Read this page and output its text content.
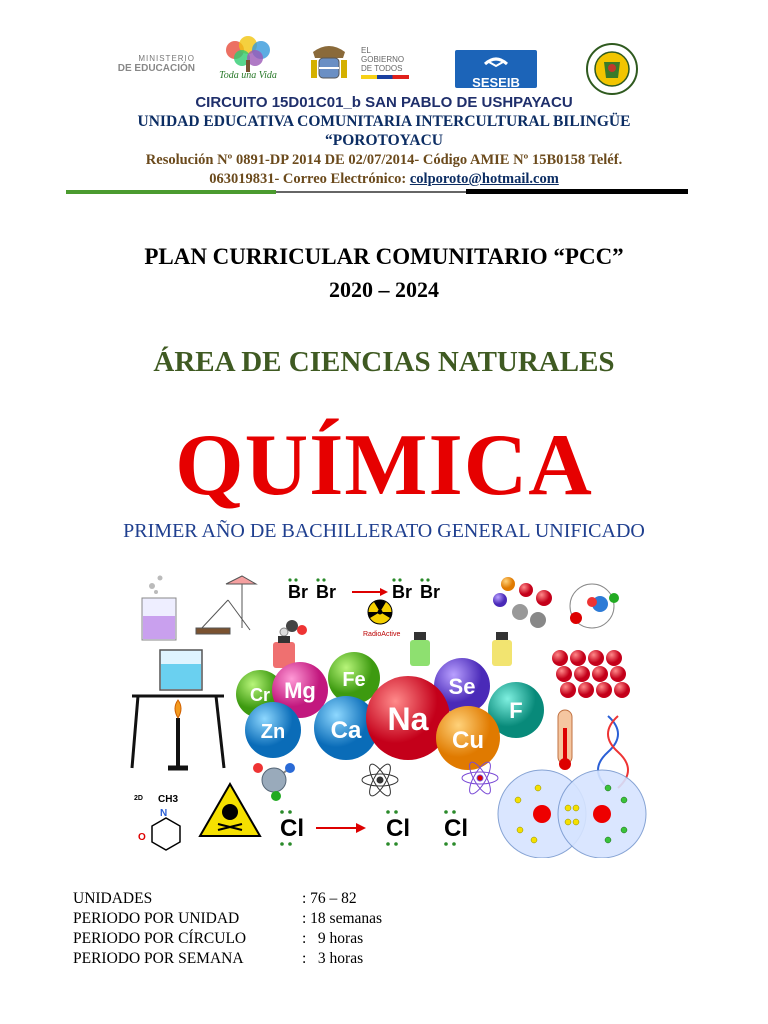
MINISTERIO
DE EDUCACIÓN
Toda una Vida
EL
GOBIERNO
DE TODOS
SESEIB
CIRCUITO 15D01C01_b SAN PABLO DE USHPAYACU
UNIDAD EDUCATIVA COMUNITARIA INTERCULTURAL BILINGÜE
“POROTOYACU
Resolución Nº 0891-DP 2014 DE 02/07/2014- Código AMIE Nº 15B0158 Teléf.
063019831- Correo Electrónico: colporoto@hotmail.com
PLAN CURRICULAR COMUNITARIO “PCC”
2020 – 2024
ÁREA DE CIENCIAS NATURALES
QUÍMICA
PRIMER AÑO DE BACHILLERATO GENERAL UNIFICADO
Br Br	Br Br
RadioActive
Cr Mg Fe	Se
Zn Ca
F
Na
Cu
2D CH3
N
O	Cl	Cl Cl
UNIDADES	: 76 – 82
PERIODO POR UNIDAD	: 18 semanas
PERIODO POR CÍRCULO	:   9 horas
PERIODO POR SEMANA	:   3 horas
